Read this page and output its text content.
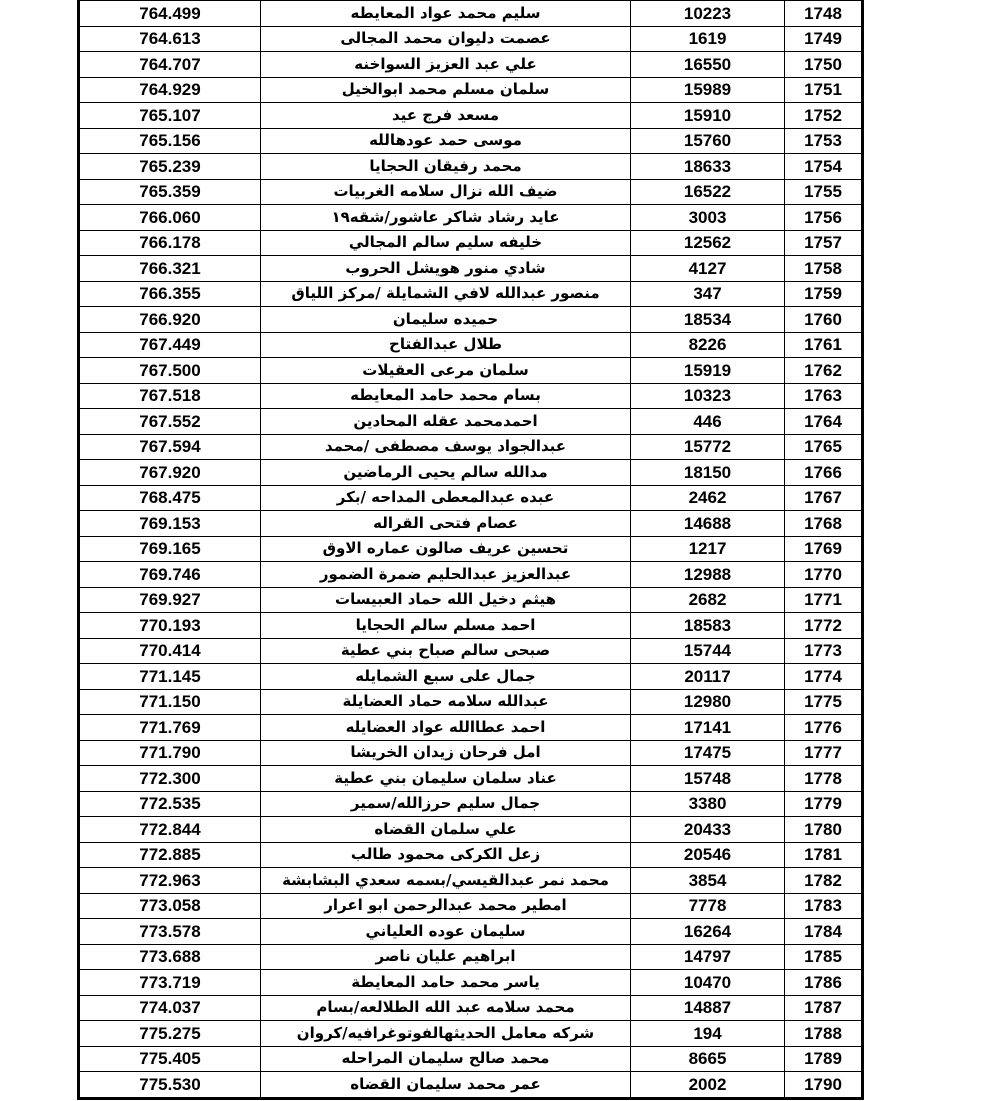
764.499	سليم محمد عواد المعايطه	10223	1748
764.613	عصمت دليوان محمد المجالى	1619	1749
764.707	علي عبد العزيز السواخنه	16550	1750
764.929	سلمان مسلم محمد ابوالخيل	15989	1751
765.107	مسعد فرج عيد	15910	1752
765.156	موسى حمد عودهالله	15760	1753
765.239	محمد رفيقان الحجايا	18633	1754
765.359	ضيف الله نزال سلامه الغربيات	16522	1755
766.060	عايد رشاد شاكر عاشور/شقه١٩	3003	1756
766.178	خليفه سليم سالم المجالي	12562	1757
766.321	شادي منور هويشل الحروب	4127	1758
766.355	منصور عبدالله لافي الشمايلة /مركز اللياق	347	1759
766.920	حميده سليمان	18534	1760
767.449	طلال عبدالفتاح	8226	1761
767.500	سلمان مرعى العقيلات	15919	1762
767.518	بسام محمد حامد المعايطه	10323	1763
767.552	احمدمحمد عقله المحادين	446	1764
767.594	عبدالجواد يوسف مصطفى /محمد	15772	1765
767.920	مدالله سالم يحيى الرماضين	18150	1766
768.475	عبده عبدالمعطى المداحه /بكر	2462	1767
769.153	عصام فتحى القراله	14688	1768
769.165	تحسين عريف صالون عماره الاوق	1217	1769
769.746	عبدالعزيز عبدالحليم ضمرة الضمور	12988	1770
769.927	هيثم دخيل الله حماد العبيسات	2682	1771
770.193	احمد مسلم سالم الحجايا	18583	1772
770.414	صبحى سالم صباح بني عطية	15744	1773
771.145	جمال على سبع الشمايله	20117	1774
771.150	عبدالله سلامه حماد العضايلة	12980	1775
771.769	احمد عطاالله عواد العضايله	17141	1776
771.790	امل فرحان زيدان الخريشا	17475	1777
772.300	عناد سلمان سليمان بني عطية	15748	1778
772.535	جمال سليم حرزالله/سمير	3380	1779
772.844	علي سلمان القضاه	20433	1780
772.885	زعل الكركى محمود طالب	20546	1781
772.963	محمد نمر عبدالقيسي/بسمه سعدي البشابشة	3854	1782
773.058	امطير محمد عبدالرحمن ابو اعرار	7778	1783
773.578	سليمان عوده العلياني	16264	1784
773.688	ابراهيم عليان ناصر	14797	1785
773.719	ياسر محمد حامد المعايطة	10470	1786
774.037	محمد سلامه عبد الله الطلالعه/بسام	14887	1787
775.275	شركه معامل الحديثهالفوتوغرافيه/كروان	194	1788
775.405	محمد صالح سليمان المراحله	8665	1789
775.530	عمر محمد سليمان القضاه	2002	1790
